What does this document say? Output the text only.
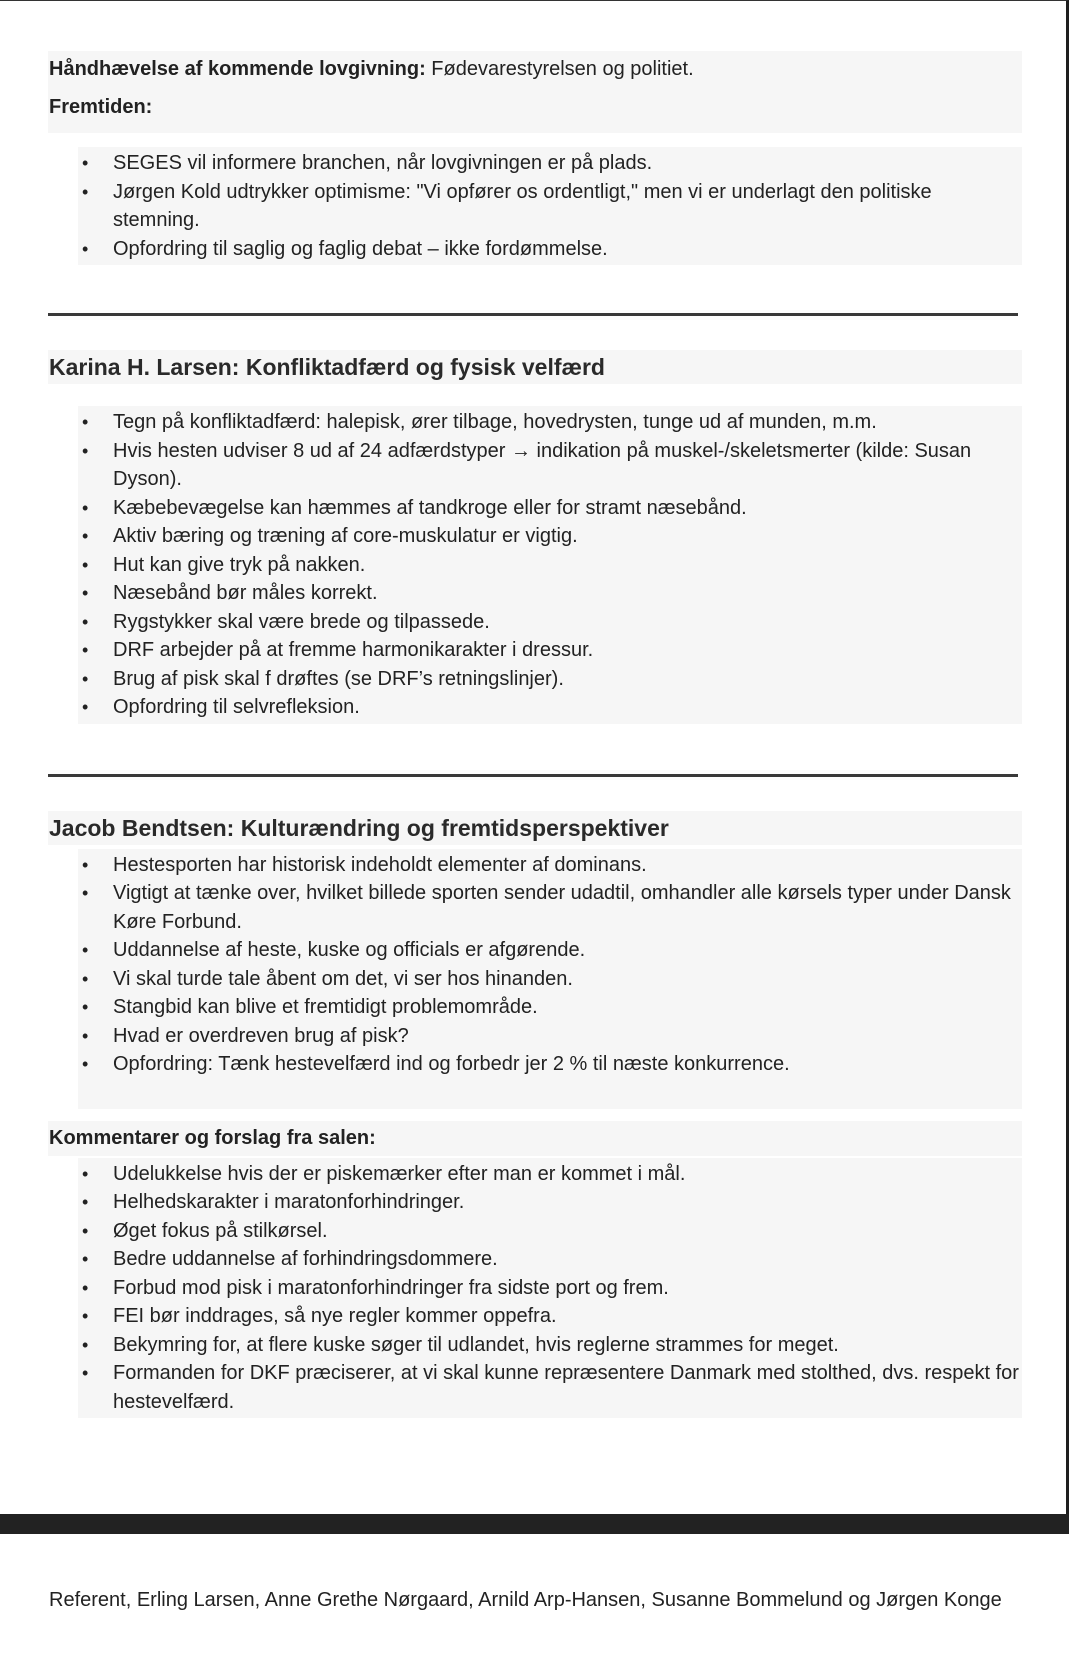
Håndhævelse af kommende lovgivning: Fødevarestyrelsen og politiet.

Fremtiden:

• SEGES vil informere branchen, når lovgivningen er på plads.
• Jørgen Kold udtrykker optimisme: "Vi opfører os ordentligt," men vi er underlagt den politiske stemning.
• Opfordring til saglig og faglig debat – ikke fordømmelse.
Karina H. Larsen: Konfliktadfærd og fysisk velfærd
• Tegn på konfliktadfærd: halepisk, ører tilbage, hovedrysten, tunge ud af munden, m.m.
• Hvis hesten udviser 8 ud af 24 adfærdstyper → indikation på muskel-/skeletsmerter (kilde: Susan Dyson).
• Kæbebevægelse kan hæmmes af tandkroge eller for stramt næsebånd.
• Aktiv bæring og træning af core-muskulatur er vigtig.
• Hut kan give tryk på nakken.
• Næsebånd bør måles korrekt.
• Rygstykker skal være brede og tilpassede.
• DRF arbejder på at fremme harmonikarakter i dressur.
• Brug af pisk skal f drøftes (se DRF’s retningslinjer).
• Opfordring til selvrefleksion.
Jacob Bendtsen: Kulturændring og fremtidsperspektiver
• Hestesporten har historisk indeholdt elementer af dominans.
• Vigtigt at tænke over, hvilket billede sporten sender udadtil, omhandler alle kørsels typer under Dansk Køre Forbund.
• Uddannelse af heste, kuske og officials er afgørende.
• Vi skal turde tale åbent om det, vi ser hos hinanden.
• Stangbid kan blive et fremtidigt problemområde.
• Hvad er overdreven brug af pisk?
• Opfordring: Tænk hestevelfærd ind og forbedr jer 2 % til næste konkurrence.

Kommentarer og forslag fra salen:

• Udelukkelse hvis der er piskemærker efter man er kommet i mål.
• Helhedskarakter i maratonforhindringer.
• Øget fokus på stilkørsel.
• Bedre uddannelse af forhindringsdommere.
• Forbud mod pisk i maratonforhindringer fra sidste port og frem.
• FEI bør inddrages, så nye regler kommer oppefra.
• Bekymring for, at flere kuske søger til udlandet, hvis reglerne strammes for meget.
• Formanden for DKF præciserer, at vi skal kunne repræsentere Danmark med stolthed, dvs. respekt for hestevelfærd.
Referent, Erling Larsen, Anne Grethe Nørgaard, Arnild Arp-Hansen, Susanne Bommelund og Jørgen Konge
